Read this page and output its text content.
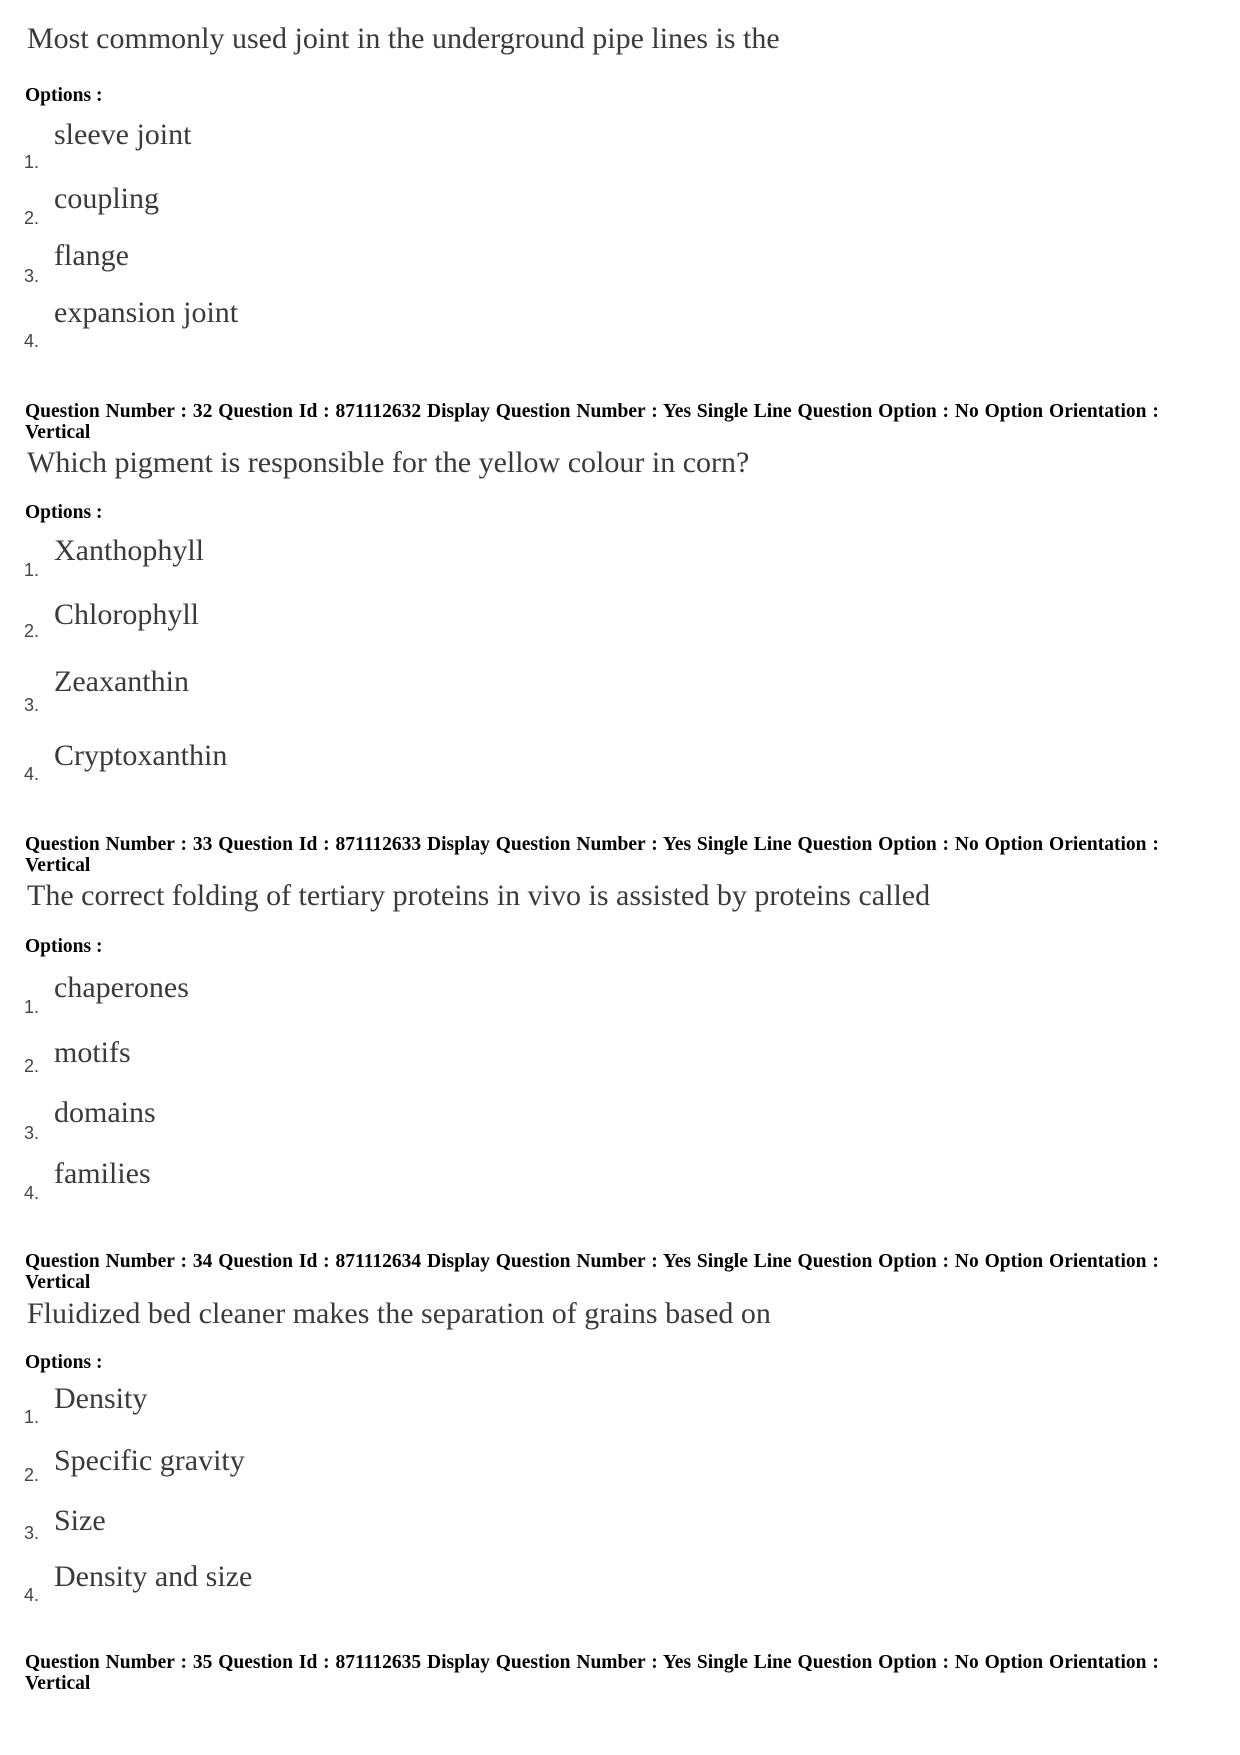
Most commonly used joint in the underground pipe lines is the
Options :
sleeve joint
1.
coupling
2.
flange
3.
expansion joint
4.
Question Number : 32 Question Id : 871112632 Display Question Number : Yes Single Line Question Option : No Option Orientation : Vertical
Which pigment is responsible for the yellow colour in corn?
Options :
Xanthophyll
1.
Chlorophyll
2.
Zeaxanthin
3.
Cryptoxanthin
4.
Question Number : 33 Question Id : 871112633 Display Question Number : Yes Single Line Question Option : No Option Orientation : Vertical
The correct folding of tertiary proteins in vivo is assisted by proteins called
Options :
chaperones
1.
motifs
2.
domains
3.
families
4.
Question Number : 34 Question Id : 871112634 Display Question Number : Yes Single Line Question Option : No Option Orientation : Vertical
Fluidized bed cleaner makes the separation of grains based on
Options :
Density
1.
Specific gravity
2.
Size
3.
Density and size
4.
Question Number : 35 Question Id : 871112635 Display Question Number : Yes Single Line Question Option : No Option Orientation : Vertical
